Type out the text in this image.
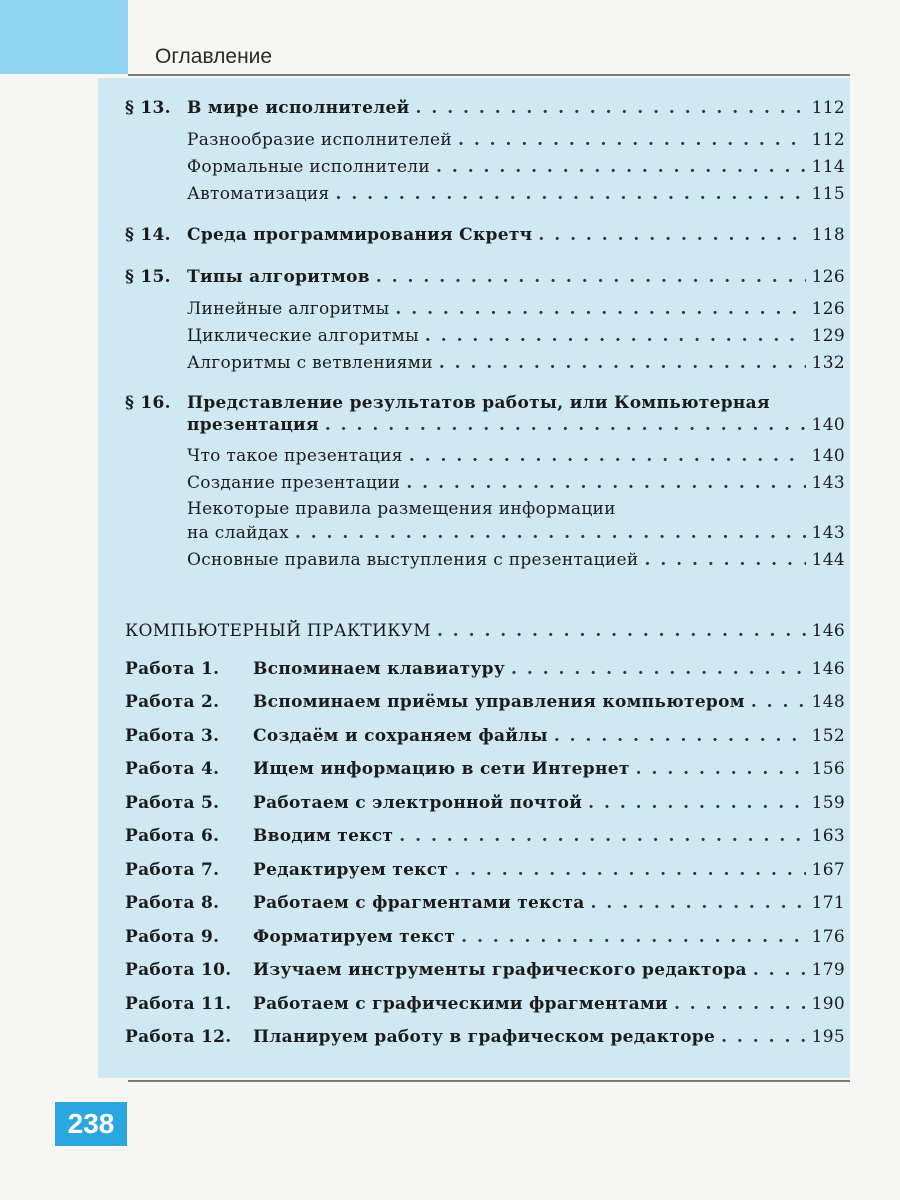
Оглавление
§ 13. В мире исполнителей . . .	112
Разнообразие исполнителей . . .	112
Формальные исполнители . . .	114
Автоматизация . . .	115
§ 14. Среда программирования Скретч . . .	118
§ 15. Типы алгоритмов . . .	126
Линейные алгоритмы . . .	126
Циклические алгоритмы . . .	129
Алгоритмы с ветвлениями . . .	132
§ 16. Представление результатов работы, или Компьютерная
презентация . . .	140
Что такое презентация . . .	140
Создание презентации . . .	143
Некоторые правила размещения информации
на слайдах . . .	143
Основные правила выступления с презентацией . . .	144
КОМПЬЮТЕРНЫЙ ПРАКТИКУМ . . .	146
Работа 1.	Вспоминаем клавиатуру . . .	146
Работа 2.	Вспоминаем приёмы управления компьютером . . .	148
Работа 3.	Создаём и сохраняем файлы . . .	152
Работа 4.	Ищем информацию в сети Интернет . . .	156
Работа 5.	Работаем с электронной почтой . . .	159
Работа 6.	Вводим текст . . .	163
Работа 7.	Редактируем текст . . .	167
Работа 8.	Работаем с фрагментами текста . . .	171
Работа 9.	Форматируем текст . . .	176
Работа 10.	Изучаем инструменты графического редактора . . .	179
Работа 11.	Работаем с графическими фрагментами . . .	190
Работа 12.	Планируем работу в графическом редакторе . . .	195
238
